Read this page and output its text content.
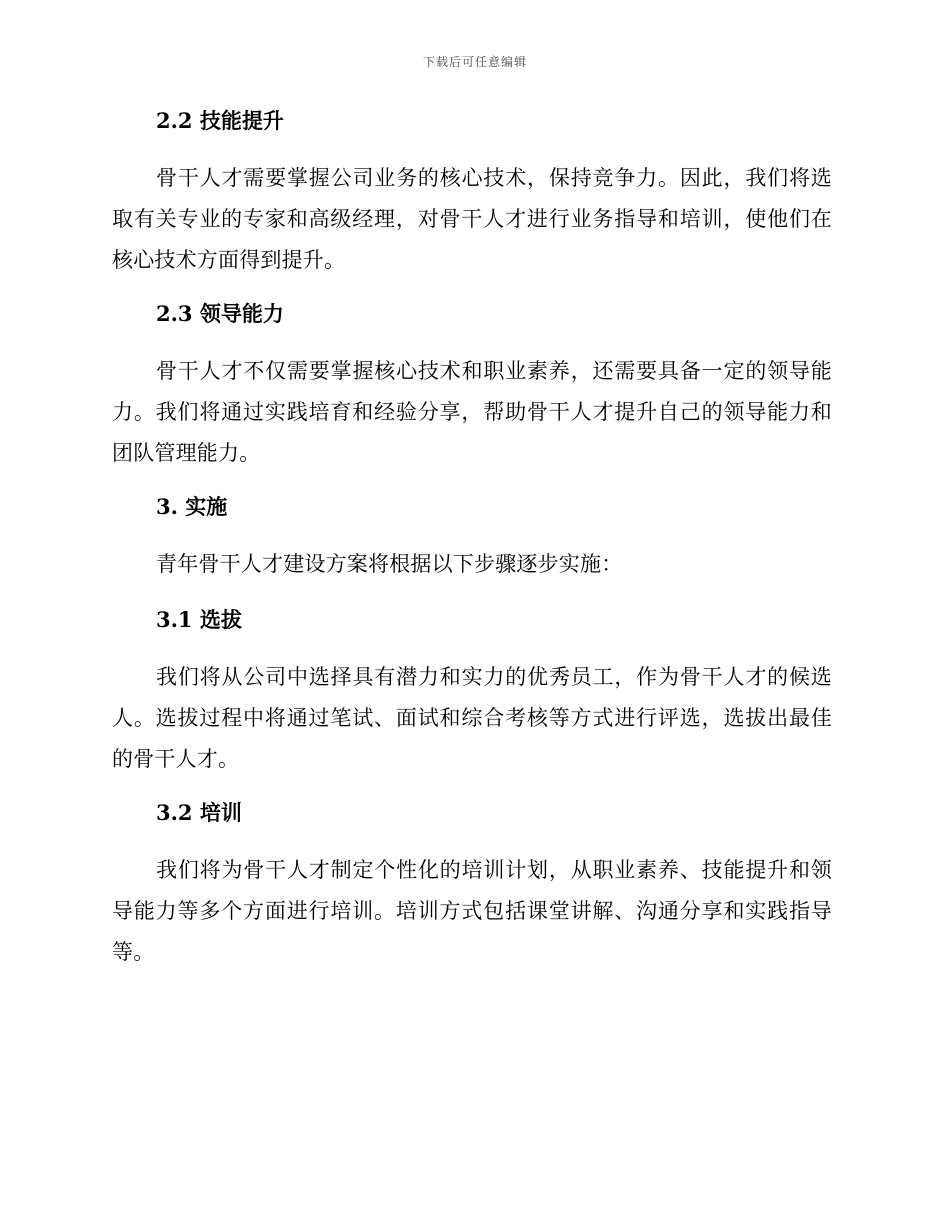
下载后可任意编辑
2.2 技能提升

骨干人才需要掌握公司业务的核心技术，保持竞争力。因此，我们将选取有关专业的专家和高级经理，对骨干人才进行业务指导和培训，使他们在核心技术方面得到提升。

2.3 领导能力

骨干人才不仅需要掌握核心技术和职业素养，还需要具备一定的领导能力。我们将通过实践培育和经验分享，帮助骨干人才提升自己的领导能力和团队管理能力。

3. 实施

青年骨干人才建设方案将根据以下步骤逐步实施：

3.1 选拔

我们将从公司中选择具有潜力和实力的优秀员工，作为骨干人才的候选人。选拔过程中将通过笔试、面试和综合考核等方式进行评选，选拔出最佳的骨干人才。

3.2 培训

我们将为骨干人才制定个性化的培训计划，从职业素养、技能提升和领导能力等多个方面进行培训。培训方式包括课堂讲解、沟通分享和实践指导等。
